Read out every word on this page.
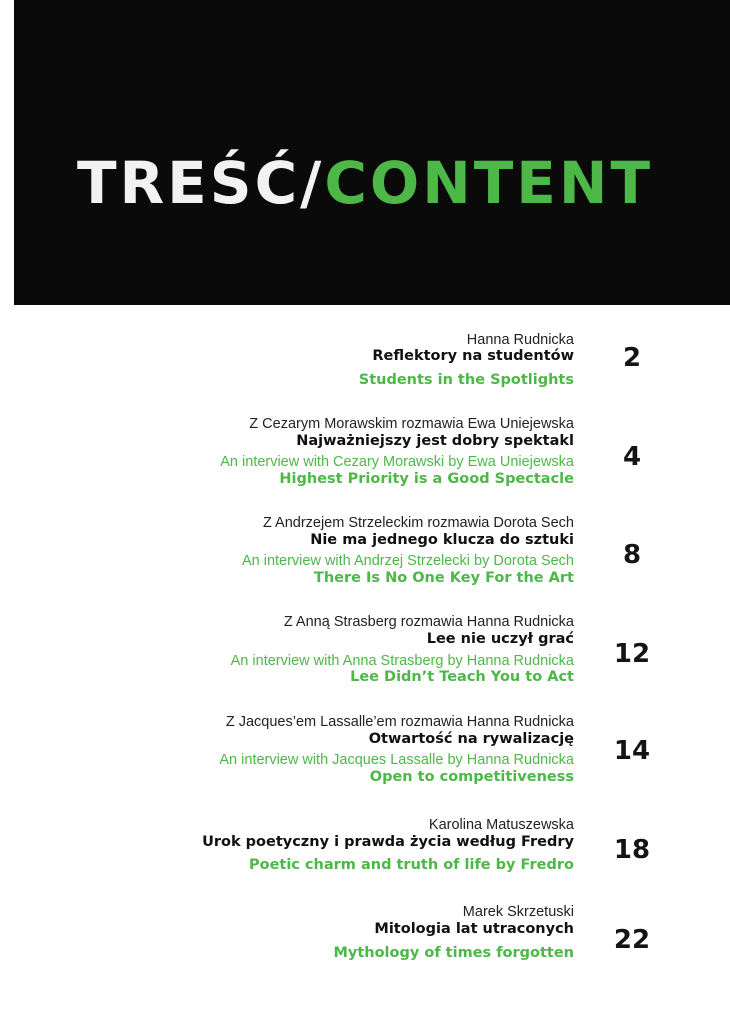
TREŚĆ/CONTENT
Hanna Rudnicka
Reflektory na studentów
Students in the Spotlights
2
Z Cezarym Morawskim rozmawia Ewa Uniejewska
Najważniejszy jest dobry spektakl
An interview with Cezary Morawski by Ewa Uniejewska
Highest Priority is a Good Spectacle
4
Z Andrzejem Strzeleckim rozmawia Dorota Sech
Nie ma jednego klucza do sztuki
An interview with Andrzej Strzelecki by Dorota Sech
There Is No One Key For the Art
8
Z Anną Strasberg rozmawia Hanna Rudnicka
Lee nie uczył grać
An interview with Anna Strasberg by Hanna Rudnicka
Lee Didn’t Teach You to Act
12
Z Jacques’em Lassalle’em rozmawia Hanna Rudnicka
Otwartość na rywalizację
An interview with Jacques Lassalle by Hanna Rudnicka
Open to competitiveness
14
Karolina Matuszewska
Urok poetyczny i prawda życia według Fredry
Poetic charm and truth of life by Fredro	18
Marek Skrzetuski
Mitologia lat utraconych
Mythology of times forgotten	22
